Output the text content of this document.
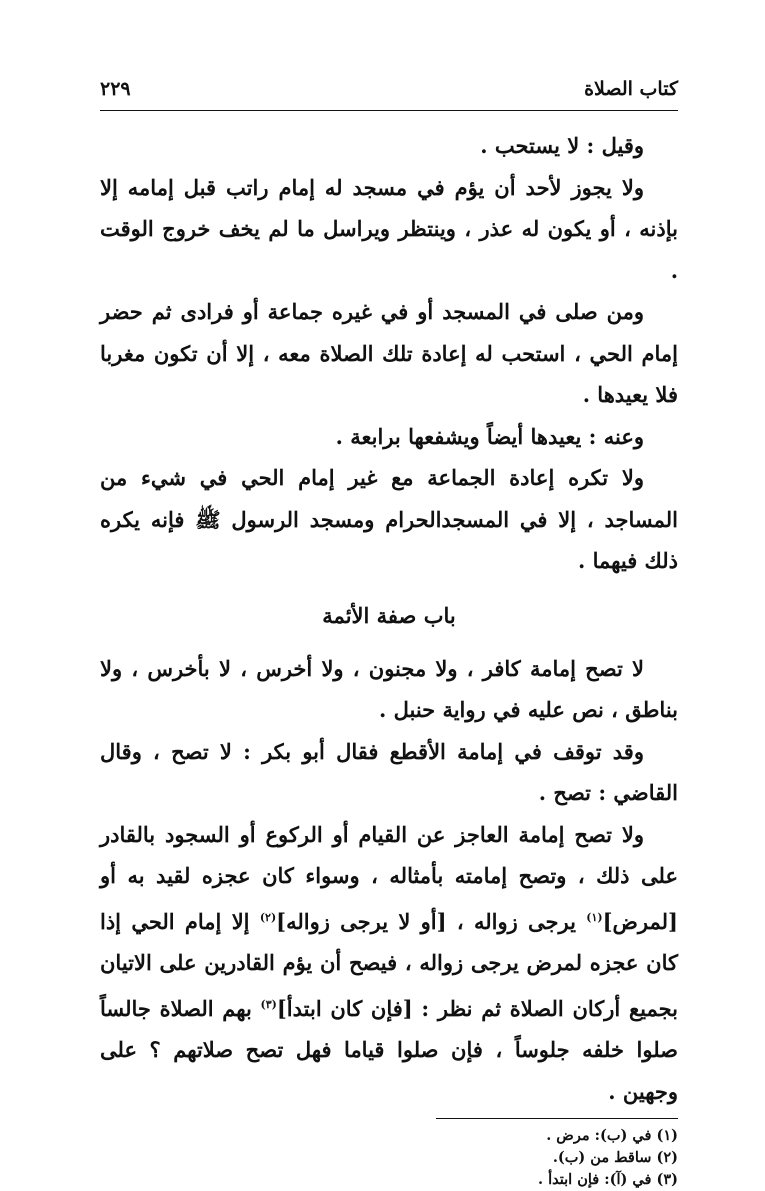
كتاب الصلاة
٢٢٩

وقيل : لا يستحب .

ولا يجوز لأحد أن يؤم في مسجد له إمام راتب قبل إمامه إلا بإذنه ، أو يكون له عذر ، وينتظر ويراسل ما لم يخف خروج الوقت .

ومن صلى في المسجد أو في غيره جماعة أو فرادى ثم حضر إمام الحي ، استحب له إعادة تلك الصلاة معه ، إلا أن تكون مغربا فلا يعيدها .

وعنه : يعيدها أيضاً ويشفعها برابعة .

ولا تكره إعادة الجماعة مع غير إمام الحي في شيء من المساجد ، إلا في المسجدالحرام ومسجد الرسول ﷺ فإنه يكره ذلك فيهما .

باب صفة الأئمة

لا تصح إمامة كافر ، ولا مجنون ، ولا أخرس ، لا بأخرس ، ولا بناطق ، نص عليه في رواية حنبل .

وقد توقف في إمامة الأقطع فقال أبو بكر : لا تصح ، وقال القاضي : تصح .

ولا تصح إمامة العاجز عن القيام أو الركوع أو السجود بالقادر على ذلك ، وتصح إمامته بأمثاله ، وسواء كان عجزه لقيد به أو [لمرض]$^{(١)}$ يرجى زواله ، [أو لا يرجى زواله]$^{(٢)}$ إلا إمام الحي إذا كان عجزه لمرض يرجى زواله ، فيصح أن يؤم القادرين على الاتيان بجميع أركان الصلاة ثم نظر : [فإن كان ابتدأ]$^{(٣)}$ بهم الصلاة جالساً صلوا خلفه جلوساً ، فإن صلوا قياما فهل تصح صلاتهم ؟ على وجهين .

(١) في (ب): مرض .
(٢) ساقط من (ب).
(٣) في (آ): فإن ابتدأ .
